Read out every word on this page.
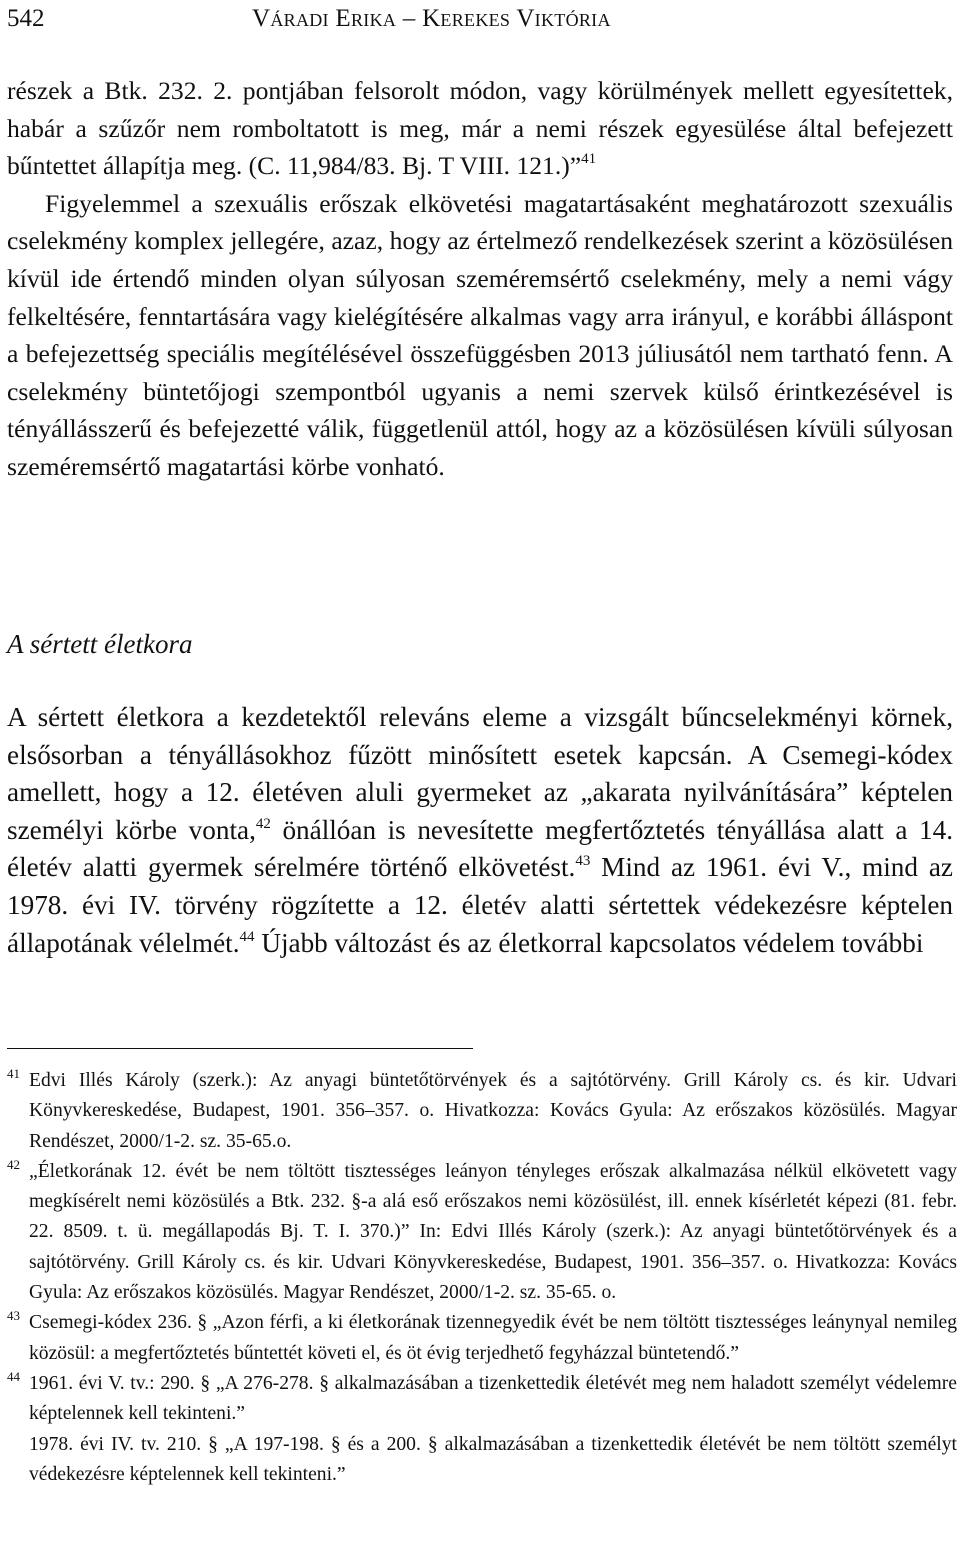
542	Váradi Erika – Kerekes Viktória

részek a Btk. 232. 2. pontjában felsorolt módon, vagy körülmények mellett egyesítettek, habár a szűzőr nem romboltatott is meg, már a nemi részek egyesülése által befejezett bűntettet állapítja meg. (C. 11,984/83. Bj. T VIII. 121.)”$^{41}$

Figyelemmel a szexuális erőszak elkövetési magatartásaként meghatározott szexuális cselekmény komplex jellegére, azaz, hogy az értelmező rendelkezések szerint a közösülésen kívül ide értendő minden olyan súlyosan szeméremsértő cselekmény, mely a nemi vágy felkeltésére, fenntartására vagy kielégítésére alkalmas vagy arra irányul, e korábbi álláspont a befejezettség speciális megítélésével összefüggésben 2013 júliusától nem tartható fenn. A cselekmény büntetőjogi szempontból ugyanis a nemi szervek külső érintkezésével is tényállásszerű és befejezetté válik, függetlenül attól, hogy az a közösülésen kívüli súlyosan szeméremsértő magatartási körbe vonható.

A sértett életkora

A sértett életkora a kezdetektől releváns eleme a vizsgált bűncselekményi körnek, elsősorban a tényállásokhoz fűzött minősített esetek kapcsán. A Csemegi-kódex amellett, hogy a 12. életéven aluli gyermeket az „akarata nyilvánítására” képtelen személyi körbe vonta,$^{42}$ önállóan is nevesítette megfertőztetés tényállása alatt a 14. életév alatti gyermek sérelmére történő elkövetést.$^{43}$ Mind az 1961. évi V., mind az 1978. évi IV. törvény rögzítette a 12. életév alatti sértettek védekezésre képtelen állapotának vélelmét.$^{44}$ Újabb változást és az életkorral kapcsolatos védelem további

41 Edvi Illés Károly (szerk.): Az anyagi büntetőtörvények és a sajtótörvény. Grill Károly cs. és kir. Udvari Könyvkereskedése, Budapest, 1901. 356–357. o. Hivatkozza: Kovács Gyula: Az erőszakos közösülés. Magyar Rendészet, 2000/1-2. sz. 35-65.o.

42 „Életkorának 12. évét be nem töltött tisztességes leányon tényleges erőszak alkalmazása nélkül elkövetett vagy megkísérelt nemi közösülés a Btk. 232. §-a alá eső erőszakos nemi közösülést, ill. ennek kísérletét képezi (81. febr. 22. 8509. t. ü. megállapodás Bj. T. I. 370.)” In: Edvi Illés Károly (szerk.): Az anyagi büntetőtörvények és a sajtótörvény. Grill Károly cs. és kir. Udvari Könyvkereskedése, Budapest, 1901. 356–357. o. Hivatkozza: Kovács Gyula: Az erőszakos közösülés. Magyar Rendészet, 2000/1-2. sz. 35-65. o.

43 Csemegi-kódex 236. § „Azon férfi, a ki életkorának tizennegyedik évét be nem töltött tisztességes leánynyal nemileg közösül: a megfertőztetés bűntettét követi el, és öt évig terjedhető fegyházzal büntetendő.”

44 1961. évi V. tv.: 290. § „A 276-278. § alkalmazásában a tizenkettedik életévét meg nem haladott személyt védelemre képtelennek kell tekinteni.”

1978. évi IV. tv. 210. § „A 197-198. § és a 200. § alkalmazásában a tizenkettedik életévét be nem töltött személyt védekezésre képtelennek kell tekinteni.”
